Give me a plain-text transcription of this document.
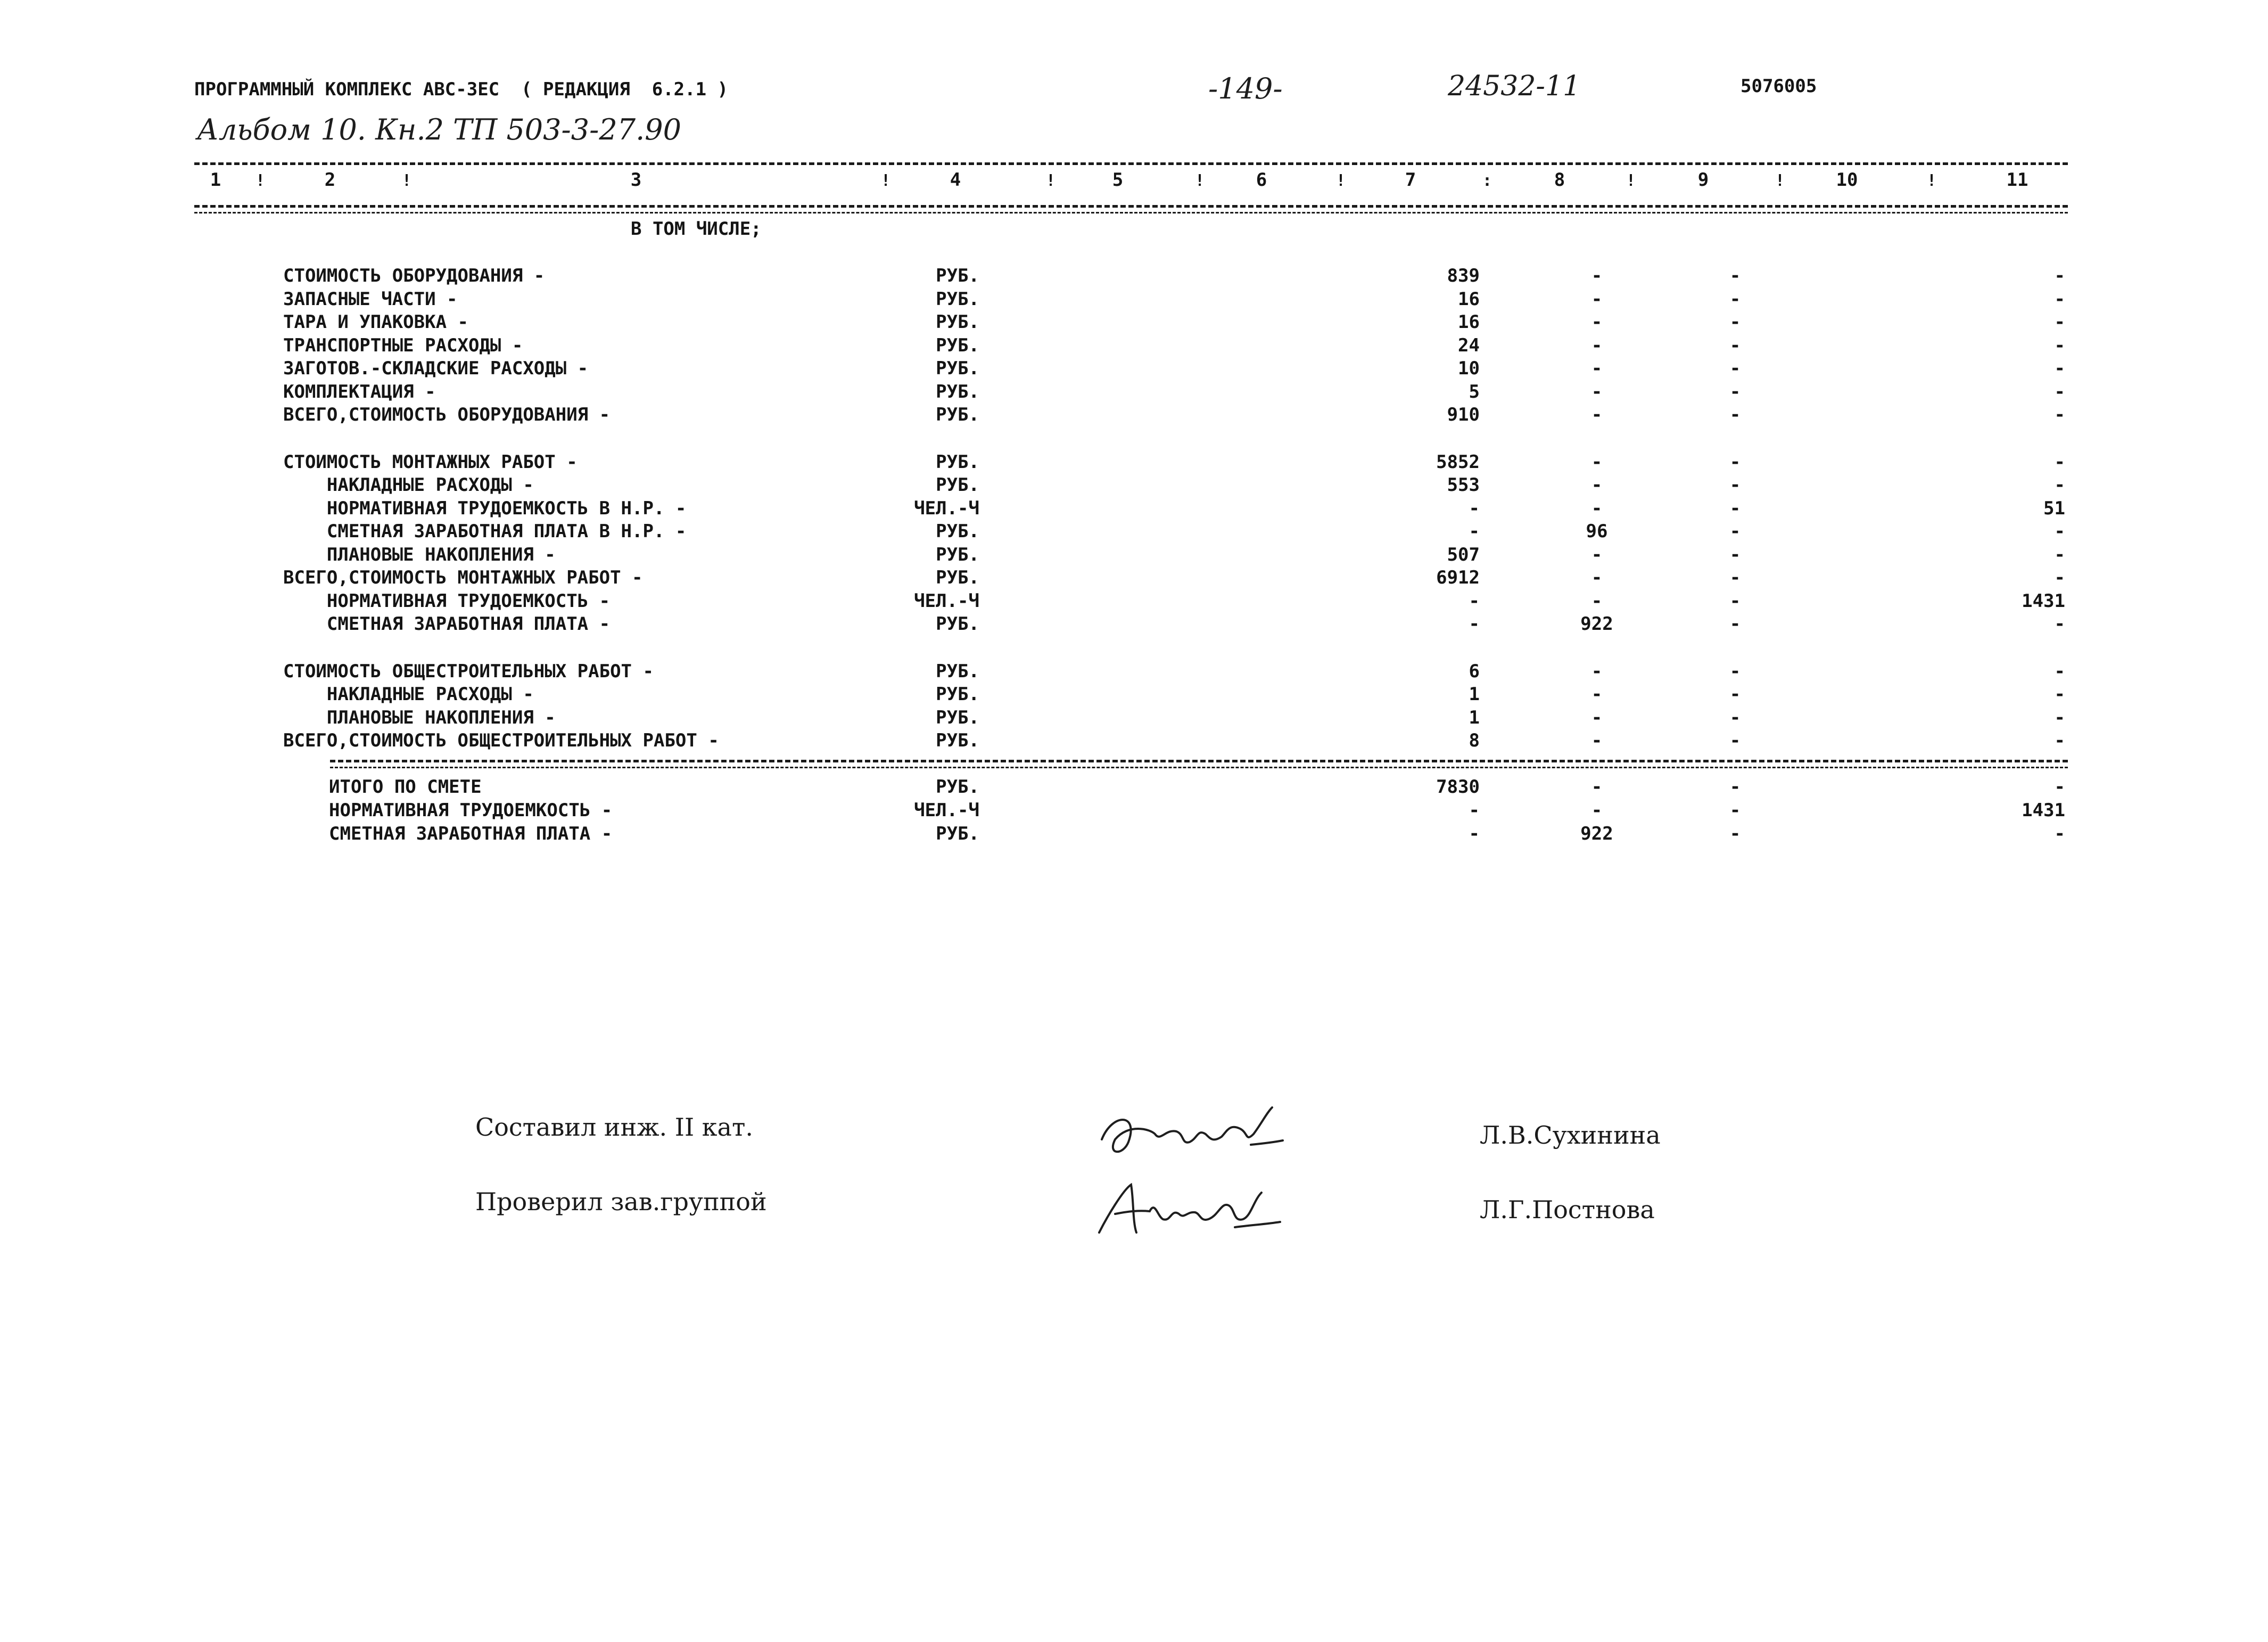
ПРОГРАММНЫЙ КОМПЛЕКС АВС-3ЕС  ( РЕДАКЦИЯ  6.2.1 )	-149-	24532-11	5076005
Альбом 10. Кн.2 ТП 503-3-27.90
1	2	3	4	5	6	7	8	9	10	11
!	!	!	!	!	!	:	!	!	!
В ТОМ ЧИСЛЕ;
СТОИМОСТЬ ОБОРУДОВАНИЯ -	РУБ.	839	-	-	-
ЗАПАСНЫЕ ЧАСТИ -	РУБ.	16	-	-	-
ТАРА И УПАКОВКА -	РУБ.	16	-	-	-
ТРАНСПОРТНЫЕ РАСХОДЫ -	РУБ.	24	-	-	-
ЗАГОТОВ.-СКЛАДСКИЕ РАСХОДЫ -	РУБ.	10	-	-	-
КОМПЛЕКТАЦИЯ -	РУБ.	5	-	-	-
ВСЕГО,СТОИМОСТЬ ОБОРУДОВАНИЯ -	РУБ.	910	-	-	-
СТОИМОСТЬ МОНТАЖНЫХ РАБОТ -	РУБ.	5852	-	-	-
НАКЛАДНЫЕ РАСХОДЫ -	РУБ.	553	-	-	-
НОРМАТИВНАЯ ТРУДОЕМКОСТЬ В Н.Р. -	ЧЕЛ.-Ч	-	-	-	51
СМЕТНАЯ ЗАРАБОТНАЯ ПЛАТА В Н.Р. -	РУБ.	-	96	-	-
ПЛАНОВЫЕ НАКОПЛЕНИЯ -	РУБ.	507	-	-	-
ВСЕГО,СТОИМОСТЬ МОНТАЖНЫХ РАБОТ -	РУБ.	6912	-	-	-
НОРМАТИВНАЯ ТРУДОЕМКОСТЬ -	ЧЕЛ.-Ч	-	-	-	1431
СМЕТНАЯ ЗАРАБОТНАЯ ПЛАТА -	РУБ.	-	922	-	-
СТОИМОСТЬ ОБЩЕСТРОИТЕЛЬНЫХ РАБОТ -	РУБ.	6	-	-	-
НАКЛАДНЫЕ РАСХОДЫ -	РУБ.	1	-	-	-
ПЛАНОВЫЕ НАКОПЛЕНИЯ -	РУБ.	1	-	-	-
ВСЕГО,СТОИМОСТЬ ОБЩЕСТРОИТЕЛЬНЫХ РАБОТ -	РУБ.	8	-	-	-
ИТОГО ПО СМЕТЕ	РУБ.	7830	-	-	-
НОРМАТИВНАЯ ТРУДОЕМКОСТЬ -	ЧЕЛ.-Ч	-	-	-	1431
СМЕТНАЯ ЗАРАБОТНАЯ ПЛАТА -	РУБ.	-	922	-	-
Составил инж. II кат.	Л.В.Сухинина
Проверил зав.группой	Л.Г.Постнова
